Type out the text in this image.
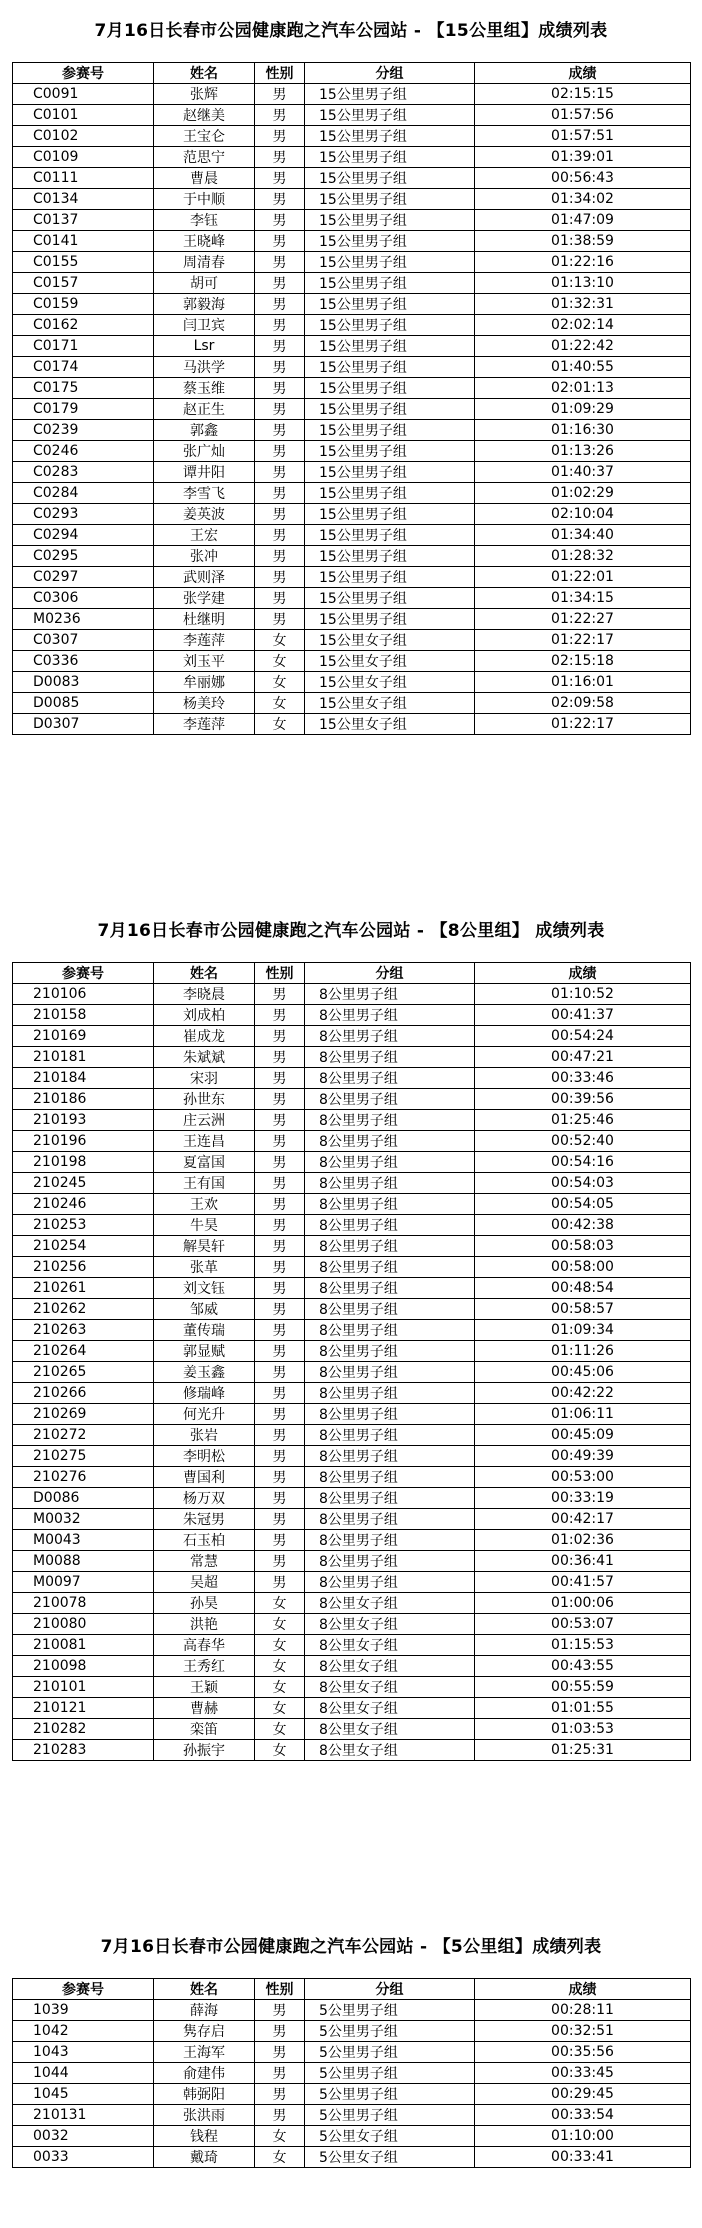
7月16日长春市公园健康跑之汽车公园站 - 【15公里组】成绩列表
参赛号	姓名	性别	分组	成绩
C0091	张辉	男	15公里男子组	02:15:15
C0101	赵继美	男	15公里男子组	01:57:56
C0102	王宝仑	男	15公里男子组	01:57:51
C0109	范思宁	男	15公里男子组	01:39:01
C0111	曹晨	男	15公里男子组	00:56:43
C0134	于中顺	男	15公里男子组	01:34:02
C0137	李钰	男	15公里男子组	01:47:09
C0141	王晓峰	男	15公里男子组	01:38:59
C0155	周清春	男	15公里男子组	01:22:16
C0157	胡可	男	15公里男子组	01:13:10
C0159	郭毅海	男	15公里男子组	01:32:31
C0162	闫卫宾	男	15公里男子组	02:02:14
C0171	Lsr	男	15公里男子组	01:22:42
C0174	马洪学	男	15公里男子组	01:40:55
C0175	蔡玉维	男	15公里男子组	02:01:13
C0179	赵正生	男	15公里男子组	01:09:29
C0239	郭鑫	男	15公里男子组	01:16:30
C0246	张广灿	男	15公里男子组	01:13:26
C0283	谭井阳	男	15公里男子组	01:40:37
C0284	李雪飞	男	15公里男子组	01:02:29
C0293	姜英波	男	15公里男子组	02:10:04
C0294	王宏	男	15公里男子组	01:34:40
C0295	张冲	男	15公里男子组	01:28:32
C0297	武则泽	男	15公里男子组	01:22:01
C0306	张学建	男	15公里男子组	01:34:15
M0236	杜继明	男	15公里男子组	01:22:27
C0307	李莲萍	女	15公里女子组	01:22:17
C0336	刘玉平	女	15公里女子组	02:15:18
D0083	牟丽娜	女	15公里女子组	01:16:01
D0085	杨美玲	女	15公里女子组	02:09:58
D0307	李莲萍	女	15公里女子组	01:22:17
7月16日长春市公园健康跑之汽车公园站 - 【8公里组】 成绩列表
参赛号	姓名	性别	分组	成绩
210106	李晓晨	男	8公里男子组	01:10:52
210158	刘成柏	男	8公里男子组	00:41:37
210169	崔成龙	男	8公里男子组	00:54:24
210181	朱斌斌	男	8公里男子组	00:47:21
210184	宋羽	男	8公里男子组	00:33:46
210186	孙世东	男	8公里男子组	00:39:56
210193	庄云洲	男	8公里男子组	01:25:46
210196	王连昌	男	8公里男子组	00:52:40
210198	夏富国	男	8公里男子组	00:54:16
210245	王有国	男	8公里男子组	00:54:03
210246	王欢	男	8公里男子组	00:54:05
210253	牛昊	男	8公里男子组	00:42:38
210254	解昊轩	男	8公里男子组	00:58:03
210256	张革	男	8公里男子组	00:58:00
210261	刘文钰	男	8公里男子组	00:48:54
210262	邹威	男	8公里男子组	00:58:57
210263	董传瑞	男	8公里男子组	01:09:34
210264	郭显赋	男	8公里男子组	01:11:26
210265	姜玉鑫	男	8公里男子组	00:45:06
210266	修瑞峰	男	8公里男子组	00:42:22
210269	何光升	男	8公里男子组	01:06:11
210272	张岩	男	8公里男子组	00:45:09
210275	李明松	男	8公里男子组	00:49:39
210276	曹国利	男	8公里男子组	00:53:00
D0086	杨万双	男	8公里男子组	00:33:19
M0032	朱冠男	男	8公里男子组	00:42:17
M0043	石玉柏	男	8公里男子组	01:02:36
M0088	常慧	男	8公里男子组	00:36:41
M0097	吴超	男	8公里男子组	00:41:57
210078	孙昊	女	8公里女子组	01:00:06
210080	洪艳	女	8公里女子组	00:53:07
210081	高春华	女	8公里女子组	01:15:53
210098	王秀红	女	8公里女子组	00:43:55
210101	王颖	女	8公里女子组	00:55:59
210121	曹赫	女	8公里女子组	01:01:55
210282	栾笛	女	8公里女子组	01:03:53
210283	孙振宇	女	8公里女子组	01:25:31
7月16日长春市公园健康跑之汽车公园站 - 【5公里组】成绩列表
参赛号	姓名	性别	分组	成绩
1039	薛海	男	5公里男子组	00:28:11
1042	隽存启	男	5公里男子组	00:32:51
1043	王海军	男	5公里男子组	00:35:56
1044	俞建伟	男	5公里男子组	00:33:45
1045	韩弼阳	男	5公里男子组	00:29:45
210131	张洪雨	男	5公里男子组	00:33:54
0032	钱程	女	5公里女子组	01:10:00
0033	戴琦	女	5公里女子组	00:33:41
